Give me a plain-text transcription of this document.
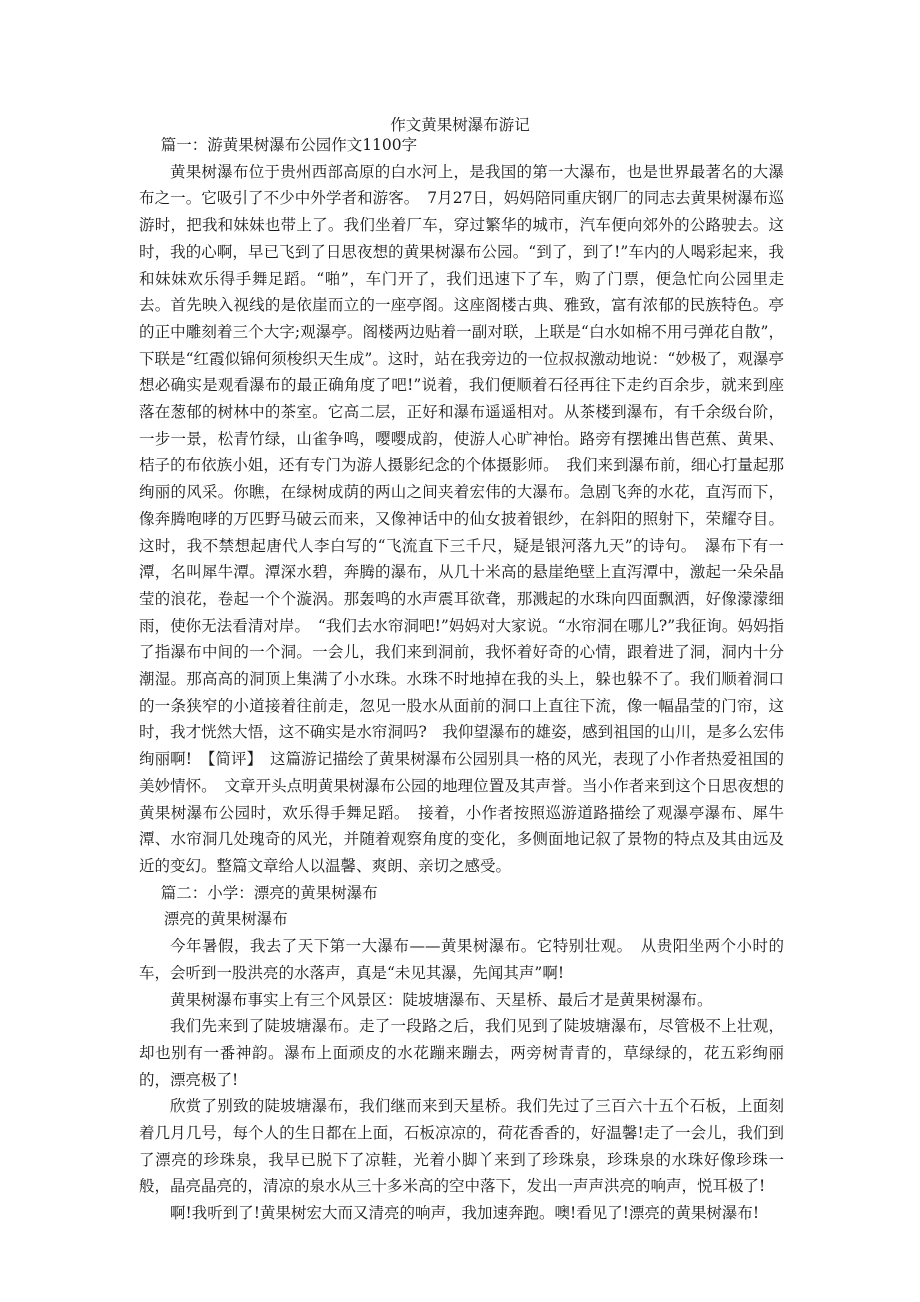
作文黄果树瀑布游记

篇一：游黄果树瀑布公园作文1100字

黄果树瀑布位于贵州西部高原的白水河上，是我国的第一大瀑布，也是世界最著名的大瀑布之一。它吸引了不少中外学者和游客。　7月27日，妈妈陪同重庆钢厂的同志去黄果树瀑布巡游时，把我和妹妹也带上了。我们坐着厂车，穿过繁华的城市，汽车便向郊外的公路驶去。这时，我的心啊，早已飞到了日思夜想的黄果树瀑布公园。“到了，到了!”车内的人喝彩起来，我和妹妹欢乐得手舞足蹈。“啪”，车门开了，我们迅速下了车，购了门票，便急忙向公园里走去。首先映入视线的是依崖而立的一座亭阁。这座阁楼古典、雅致，富有浓郁的民族特色。亭的正中雕刻着三个大字;观瀑亭。阁楼两边贴着一副对联，上联是“白水如棉不用弓弹花自散”，下联是“红霞似锦何须梭织天生成”。这时，站在我旁边的一位叔叔激动地说：“妙极了，观瀑亭想必确实是观看瀑布的最正确角度了吧!”说着，我们便顺着石径再往下走约百余步，就来到座落在葱郁的树林中的茶室。它高二层，正好和瀑布遥遥相对。从茶楼到瀑布，有千余级台阶，一步一景，松青竹绿，山雀争鸣，嘤嘤成韵，使游人心旷神怡。路旁有摆摊出售芭蕉、黄果、桔子的布依族小姐，还有专门为游人摄影纪念的个体摄影师。　我们来到瀑布前，细心打量起那绚丽的风采。你瞧，在绿树成荫的两山之间夹着宏伟的大瀑布。急剧飞奔的水花，直泻而下，像奔腾咆哮的万匹野马破云而来，又像神话中的仙女披着银纱，在斜阳的照射下，荣耀夺目。这时，我不禁想起唐代人李白写的“飞流直下三千尺，疑是银河落九天”的诗句。　瀑布下有一潭，名叫犀牛潭。潭深水碧，奔腾的瀑布，从几十米高的悬崖绝壁上直泻潭中，激起一朵朵晶莹的浪花，卷起一个个漩涡。那轰鸣的水声震耳欲聋，那溅起的水珠向四面飘洒，好像濛濛细雨，使你无法看清对岸。　“我们去水帘洞吧!”妈妈对大家说。“水帘洞在哪儿?”我征询。妈妈指了指瀑布中间的一个洞。一会儿，我们来到洞前，我怀着好奇的心情，跟着进了洞，洞内十分潮湿。那高高的洞顶上集满了小水珠。水珠不时地掉在我的头上，躲也躲不了。我们顺着洞口的一条狭窄的小道接着往前走，忽见一股水从面前的洞口上直往下流，像一幅晶莹的门帘，这时，我才恍然大悟，这不确实是水帘洞吗?　我仰望瀑布的雄姿，感到祖国的山川，是多么宏伟绚丽啊!　【简评】　这篇游记描绘了黄果树瀑布公园别具一格的风光，表现了小作者热爱祖国的美妙情怀。　文章开头点明黄果树瀑布公园的地理位置及其声誉。当小作者来到这个日思夜想的黄果树瀑布公园时，欢乐得手舞足蹈。　接着，小作者按照巡游道路描绘了观瀑亭瀑布、犀牛潭、水帘洞几处瑰奇的风光，并随着观察角度的变化，多侧面地记叙了景物的特点及其由远及近的变幻。整篇文章给人以温馨、爽朗、亲切之感受。

篇二：小学：漂亮的黄果树瀑布

漂亮的黄果树瀑布

今年暑假，我去了天下第一大瀑布——黄果树瀑布。它特别壮观。　从贵阳坐两个小时的车，会听到一股洪亮的水落声，真是“未见其瀑，先闻其声”啊!

黄果树瀑布事实上有三个风景区：陡坡塘瀑布、天星桥、最后才是黄果树瀑布。

我们先来到了陡坡塘瀑布。走了一段路之后，我们见到了陡坡塘瀑布，尽管极不上壮观，却也别有一番神韵。瀑布上面顽皮的水花蹦来蹦去，两旁树青青的，草绿绿的，花五彩绚丽的，漂亮极了!

欣赏了别致的陡坡塘瀑布，我们继而来到天星桥。我们先过了三百六十五个石板，上面刻着几月几号，每个人的生日都在上面，石板凉凉的，荷花香香的，好温馨!走了一会儿，我们到了漂亮的珍珠泉，我早已脱下了凉鞋，光着小脚丫来到了珍珠泉，珍珠泉的水珠好像珍珠一般，晶亮晶亮的，清凉的泉水从三十多米高的空中落下，发出一声声洪亮的响声，悦耳极了!

啊!我听到了!黄果树宏大而又清亮的响声，我加速奔跑。噢!看见了!漂亮的黄果树瀑布!
